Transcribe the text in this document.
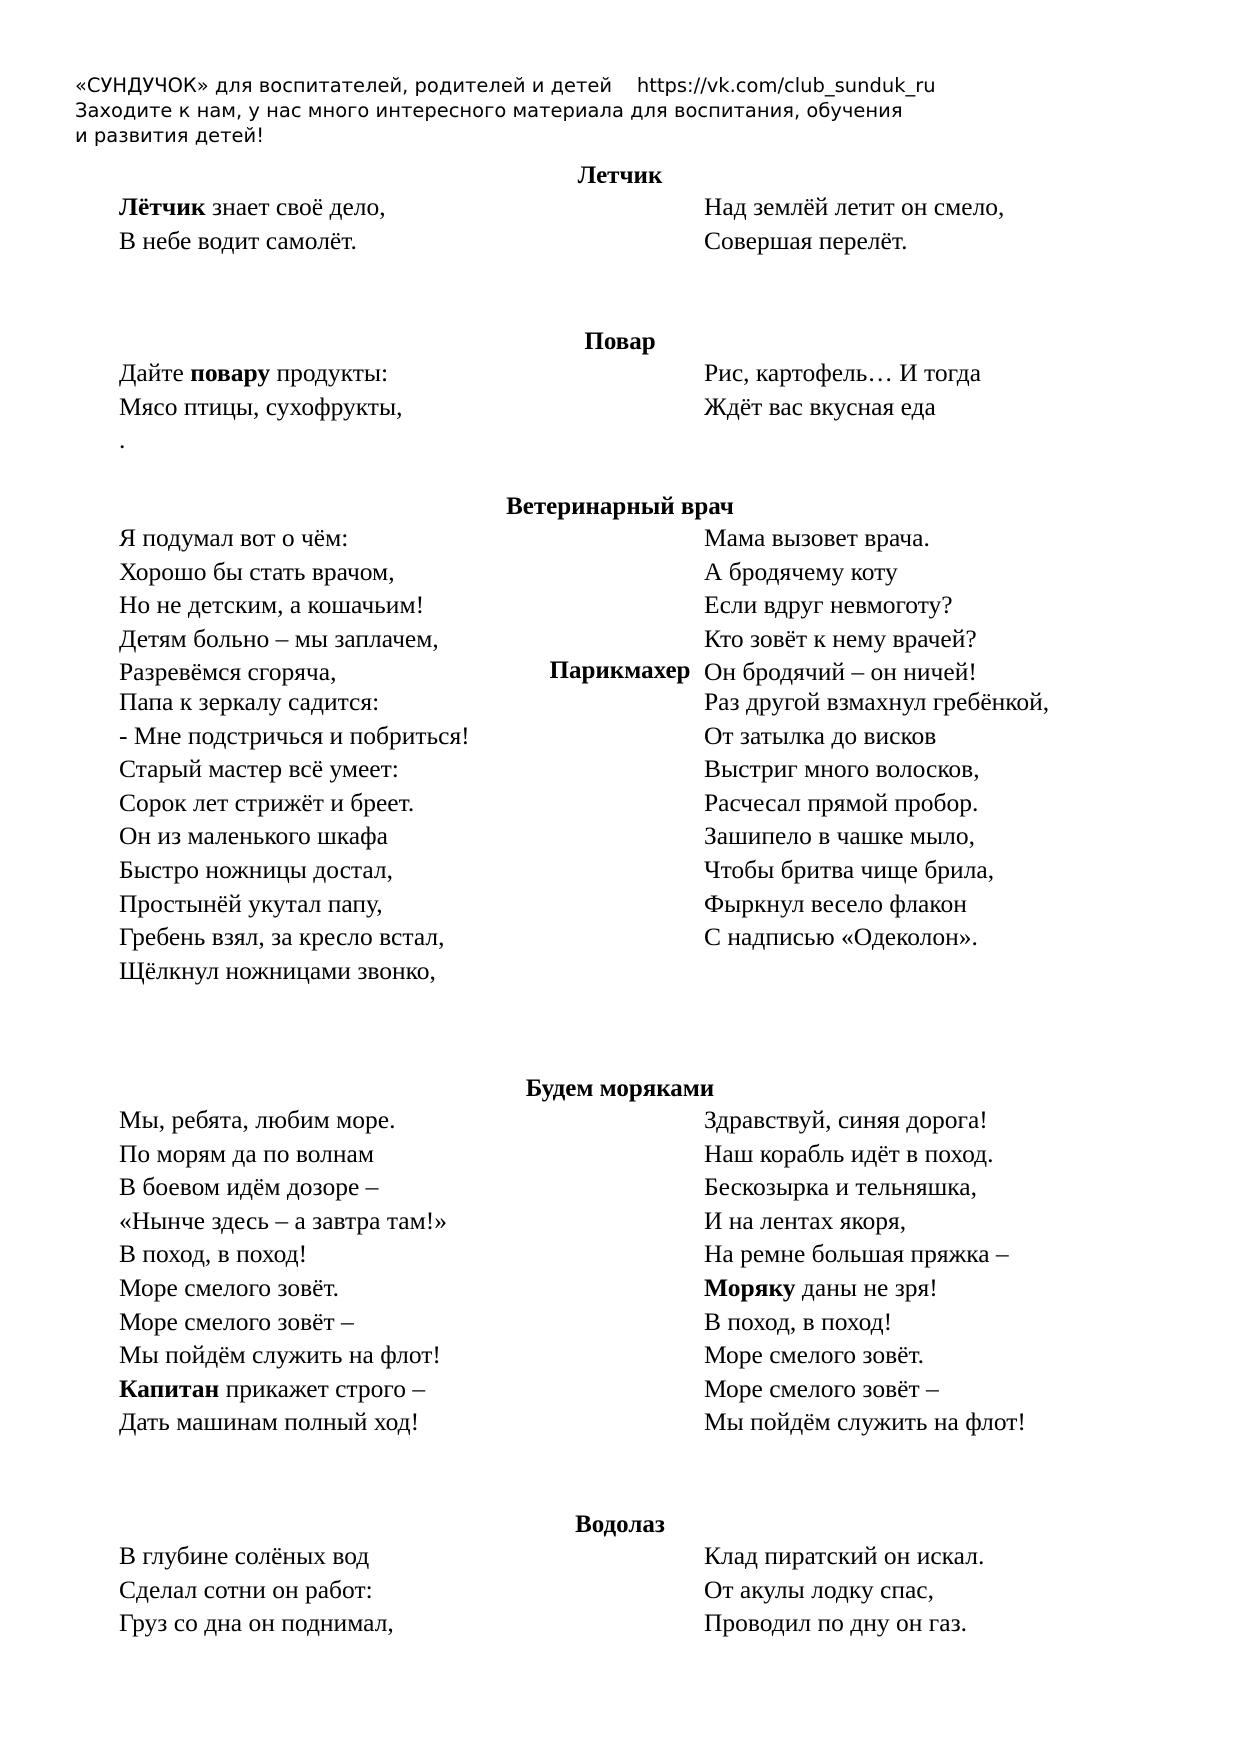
«СУНДУЧОК» для воспитателей, родителей и детей    https://vk.com/club_sunduk_ru
Заходите к нам, у нас много интересного материала для воспитания, обучения
и развития детей!
Летчик
Лётчик знает своё дело,
В небе водит самолёт.
Над землёй летит он смело,
Совершая перелёт.
Повар
Дайте повару продукты:
Мясо птицы, сухофрукты,
.
Рис, картофель… И тогда
Ждёт вас вкусная еда
Ветеринарный врач
Я подумал вот о чём:
Хорошо бы стать врачом,
Но не детским, а кошачьим!
Детям больно – мы заплачем,
Разревёмся сгоряча,
Мама вызовет врача.
А бродячему коту
Если вдруг невмоготу?
Кто зовёт к нему врачей?
Он бродячий – он ничей!
Парикмахер
Папа к зеркалу садится:
- Мне подстричься и побриться!
Старый мастер всё умеет:
Сорок лет стрижёт и бреет.
Он из маленького шкафа
Быстро ножницы достал,
Простынёй укутал папу,
Гребень взял, за кресло встал,
Щёлкнул ножницами звонко,
Раз другой взмахнул гребёнкой,
От затылка до висков
Выстриг много волосков,
Расчесал прямой пробор.
Зашипело в чашке мыло,
Чтобы бритва чище брила,
Фыркнул весело флакон
С надписью «Одеколон».
Будем моряками
Мы, ребята, любим море.
По морям да по волнам
В боевом идём дозоре –
«Нынче здесь – а завтра там!»
В поход, в поход!
Море смелого зовёт.
Море смелого зовёт –
Мы пойдём служить на флот!
Капитан прикажет строго –
Дать машинам полный ход!
Здравствуй, синяя дорога!
Наш корабль идёт в поход.
Бескозырка и тельняшка,
И на лентах якоря,
На ремне большая пряжка –
Моряку даны не зря!
В поход, в поход!
Море смелого зовёт.
Море смелого зовёт –
Мы пойдём служить на флот!
Водолаз
В глубине солёных вод
Сделал сотни он работ:
Груз со дна он поднимал,
Клад пиратский он искал.
От акулы лодку спас,
Проводил по дну он газ.
